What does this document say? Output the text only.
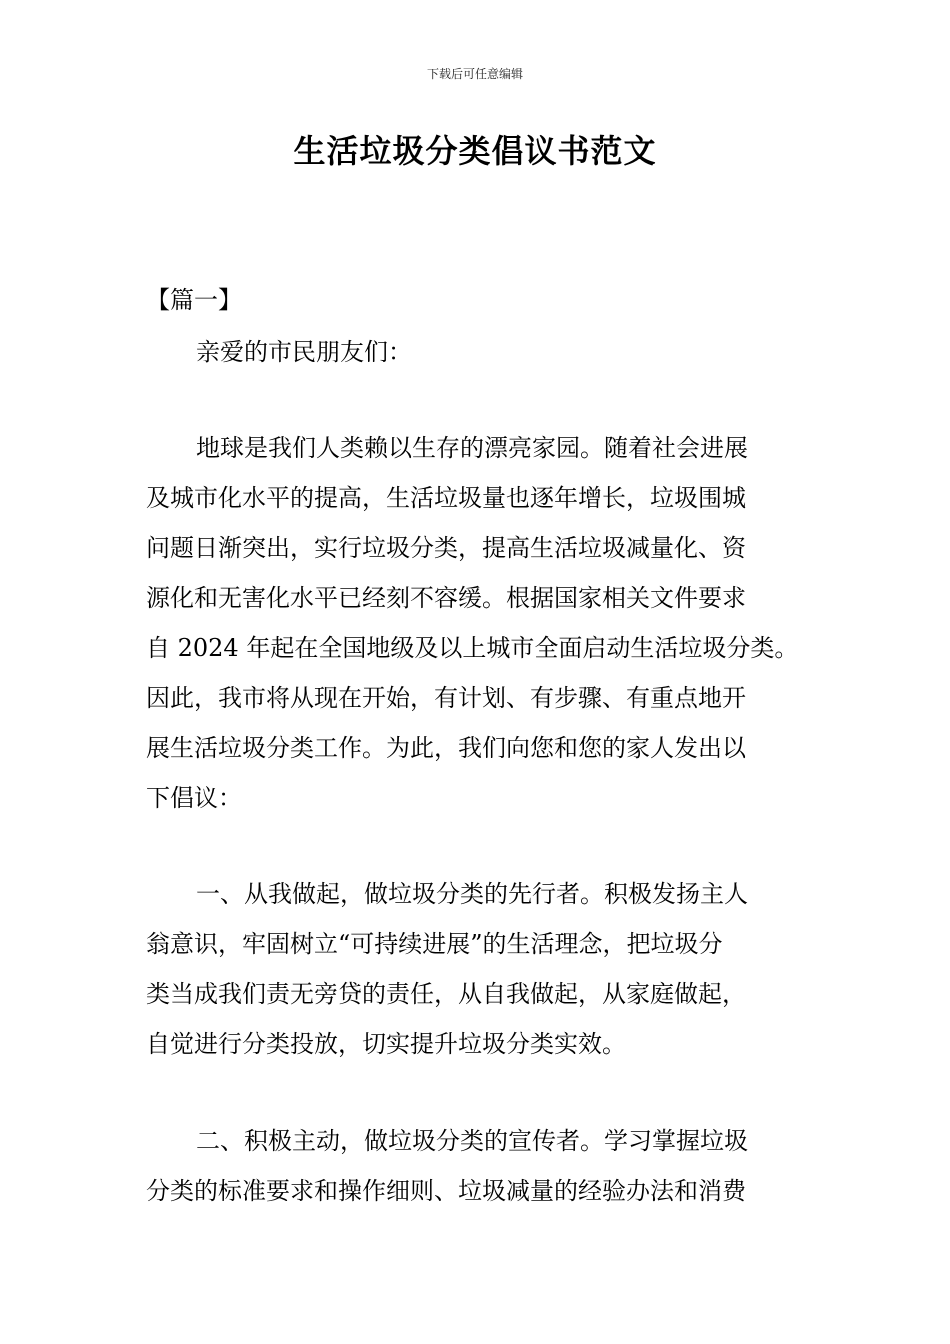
下载后可任意编辑
生活垃圾分类倡议书范文
【篇一】
亲爱的市民朋友们：
地球是我们人类赖以生存的漂亮家园。随着社会进展
及城市化水平的提高，生活垃圾量也逐年增长，垃圾围城
问题日渐突出，实行垃圾分类，提高生活垃圾减量化、资
源化和无害化水平已经刻不容缓。根据国家相关文件要求
自 2024 年起在全国地级及以上城市全面启动生活垃圾分类。
因此，我市将从现在开始，有计划、有步骤、有重点地开
展生活垃圾分类工作。为此，我们向您和您的家人发出以
下倡议：
一、从我做起，做垃圾分类的先行者。积极发扬主人
翁意识，牢固树立“可持续进展”的生活理念，把垃圾分
类当成我们责无旁贷的责任，从自我做起，从家庭做起，
自觉进行分类投放，切实提升垃圾分类实效。
二、积极主动，做垃圾分类的宣传者。学习掌握垃圾
分类的标准要求和操作细则、垃圾减量的经验办法和消费
